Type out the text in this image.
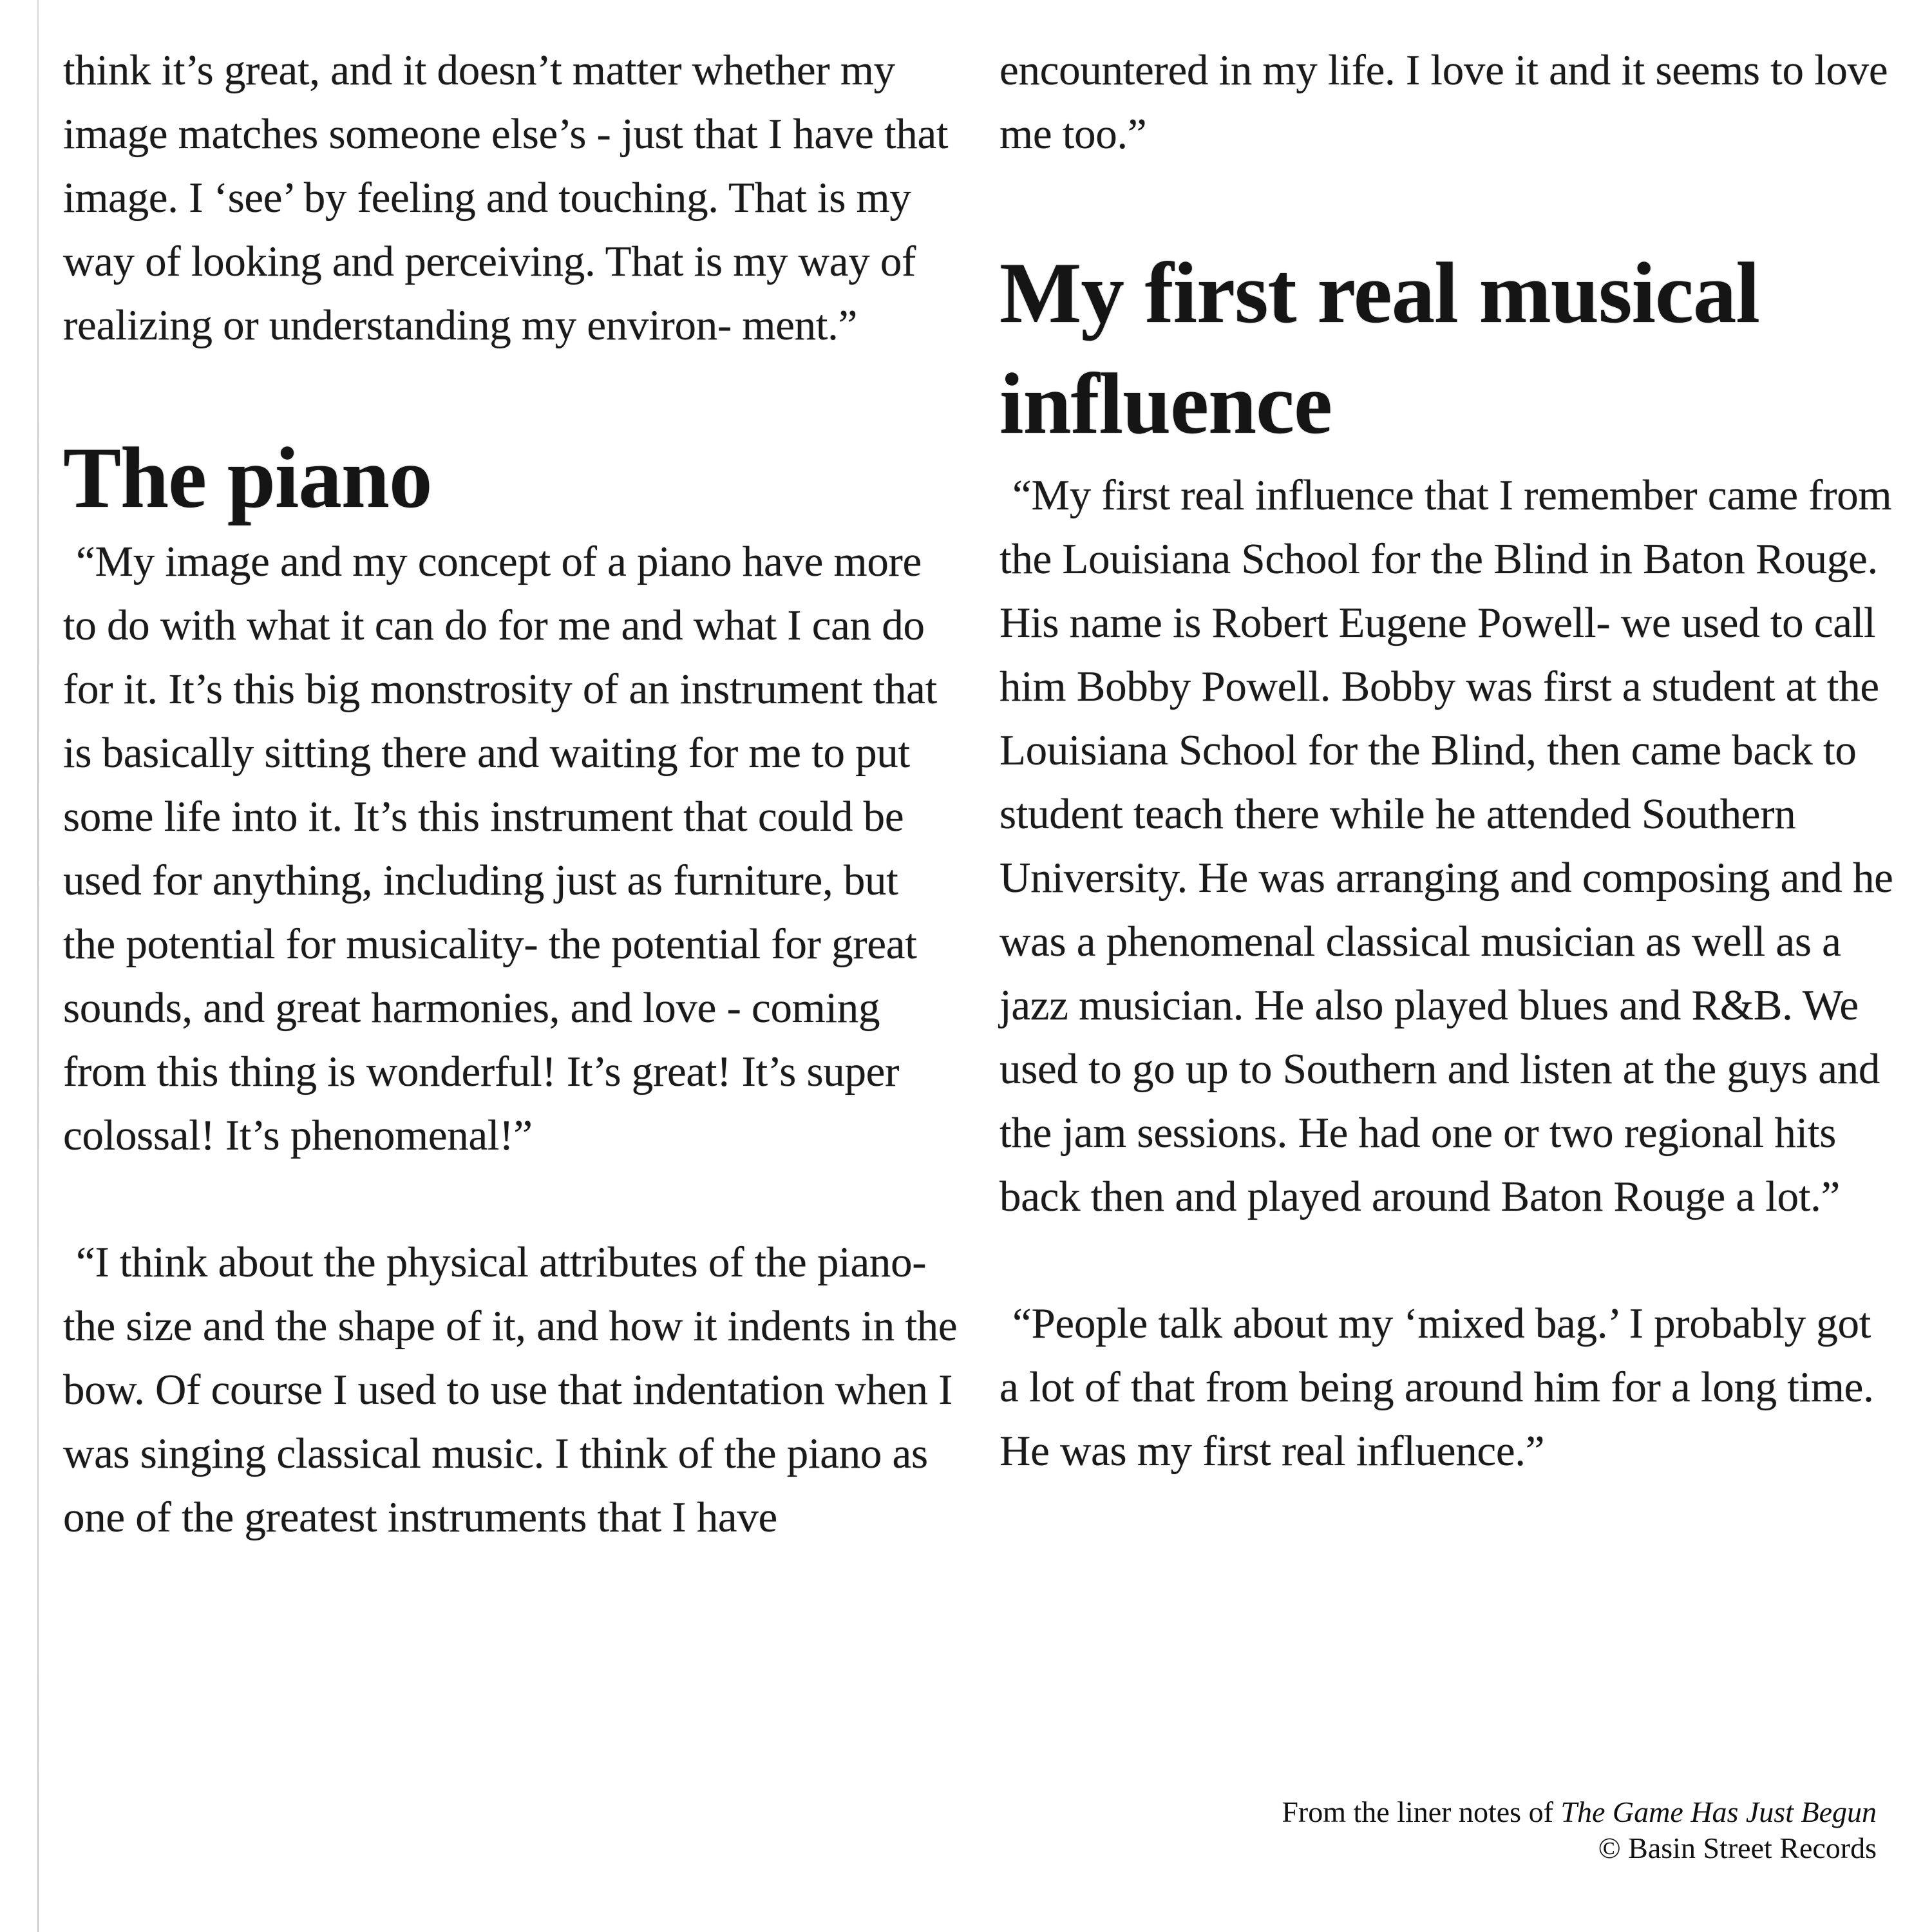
think it’s great, and it doesn’t matter whether my image matches someone else’s - just that I have that image. I ‘see’ by feeling and touching. That is my way of looking and perceiving. That is my way of realizing or understanding my environ- ment.”

The piano

“My image and my concept of a piano have more to do with what it can do for me and what I can do for it. It’s this big monstrosity of an instrument that is basically sitting there and waiting for me to put some life into it. It’s this instrument that could be used for anything, including just as furniture, but the potential for musicality- the potential for great sounds, and great harmonies, and love - coming from this thing is wonderful! It’s great! It’s super colossal! It’s phenomenal!”

“I think about the physical attributes of the piano- the size and the shape of it, and how it indents in the bow. Of course I used to use that indentation when I was singing classical music. I think of the piano as one of the greatest instruments that I have

encountered in my life. I love it and it seems to love me too.”

My first real musical influence

“My first real influence that I remember came from the Louisiana School for the Blind in Baton Rouge. His name is Robert Eugene Powell- we used to call him Bobby Powell. Bobby was first a student at the Louisiana School for the Blind, then came back to student teach there while he attended Southern University. He was arranging and composing and he was a phenomenal classical musician as well as a jazz musician. He also played blues and R&B. We used to go up to Southern and listen at the guys and the jam sessions. He had one or two regional hits back then and played around Baton Rouge a lot.”

“People talk about my ‘mixed bag.’ I probably got a lot of that from being around him for a long time. He was my first real influence.”

From the liner notes of The Game Has Just Begun
© Basin Street Records
